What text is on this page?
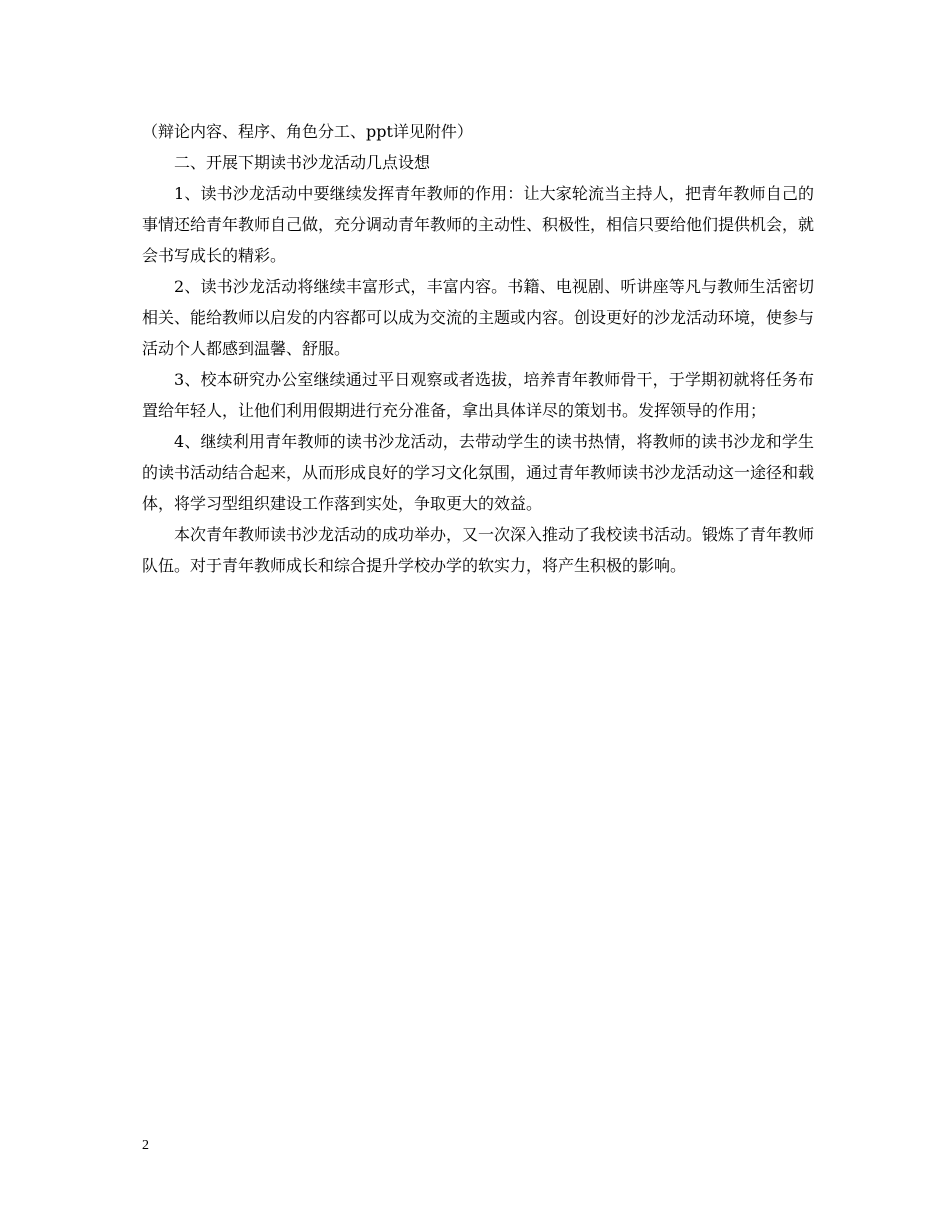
（辩论内容、程序、角色分工、ppt详见附件）

二、开展下期读书沙龙活动几点设想

1、读书沙龙活动中要继续发挥青年教师的作用：让大家轮流当主持人，把青年教师自己的事情还给青年教师自己做，充分调动青年教师的主动性、积极性，相信只要给他们提供机会，就会书写成长的精彩。

2、读书沙龙活动将继续丰富形式，丰富内容。书籍、电视剧、听讲座等凡与教师生活密切相关、能给教师以启发的内容都可以成为交流的主题或内容。创设更好的沙龙活动环境，使参与活动个人都感到温馨、舒服。

3、校本研究办公室继续通过平日观察或者选拔，培养青年教师骨干，于学期初就将任务布置给年轻人，让他们利用假期进行充分准备，拿出具体详尽的策划书。发挥领导的作用；

4、继续利用青年教师的读书沙龙活动，去带动学生的读书热情，将教师的读书沙龙和学生的读书活动结合起来，从而形成良好的学习文化氛围，通过青年教师读书沙龙活动这一途径和载体，将学习型组织建设工作落到实处，争取更大的效益。

本次青年教师读书沙龙活动的成功举办，又一次深入推动了我校读书活动。锻炼了青年教师队伍。对于青年教师成长和综合提升学校办学的软实力，将产生积极的影响。

2
